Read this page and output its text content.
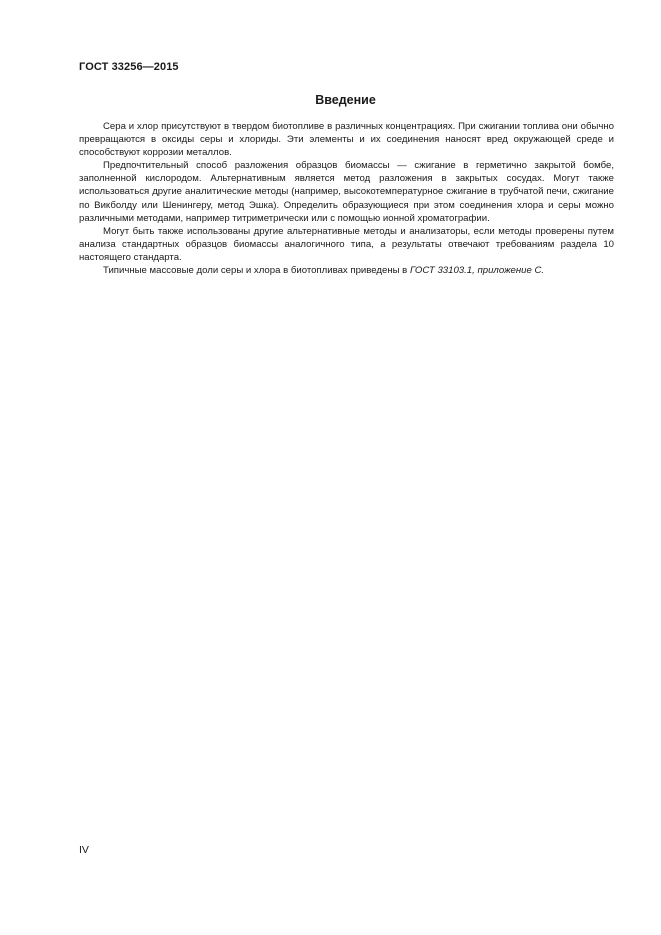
ГОСТ 33256—2015
Введение

Сера и хлор присутствуют в твердом биотопливе в различных концентрациях. При сжигании топлива они обычно превращаются в оксиды серы и хлориды. Эти элементы и их соединения наносят вред окружающей среде и способствуют коррозии металлов.

Предпочтительный способ разложения образцов биомассы — сжигание в герметично закрытой бомбе, заполненной кислородом. Альтернативным является метод разложения в закрытых сосудах. Могут также использоваться другие аналитические методы (например, высокотемпературное сжигание в трубчатой печи, сжигание по Викболду или Шенингеру, метод Эшка). Определить образующиеся при этом соединения хлора и серы можно различными методами, например титриметрически или с помощью ионной хроматографии.

Могут быть также использованы другие альтернативные методы и анализаторы, если методы проверены путем анализа стандартных образцов биомассы аналогичного типа, а результаты отвечают требованиям раздела 10 настоящего стандарта.

Типичные массовые доли серы и хлора в биотопливах приведены в ГОСТ 33103.1, приложение С.

IV
